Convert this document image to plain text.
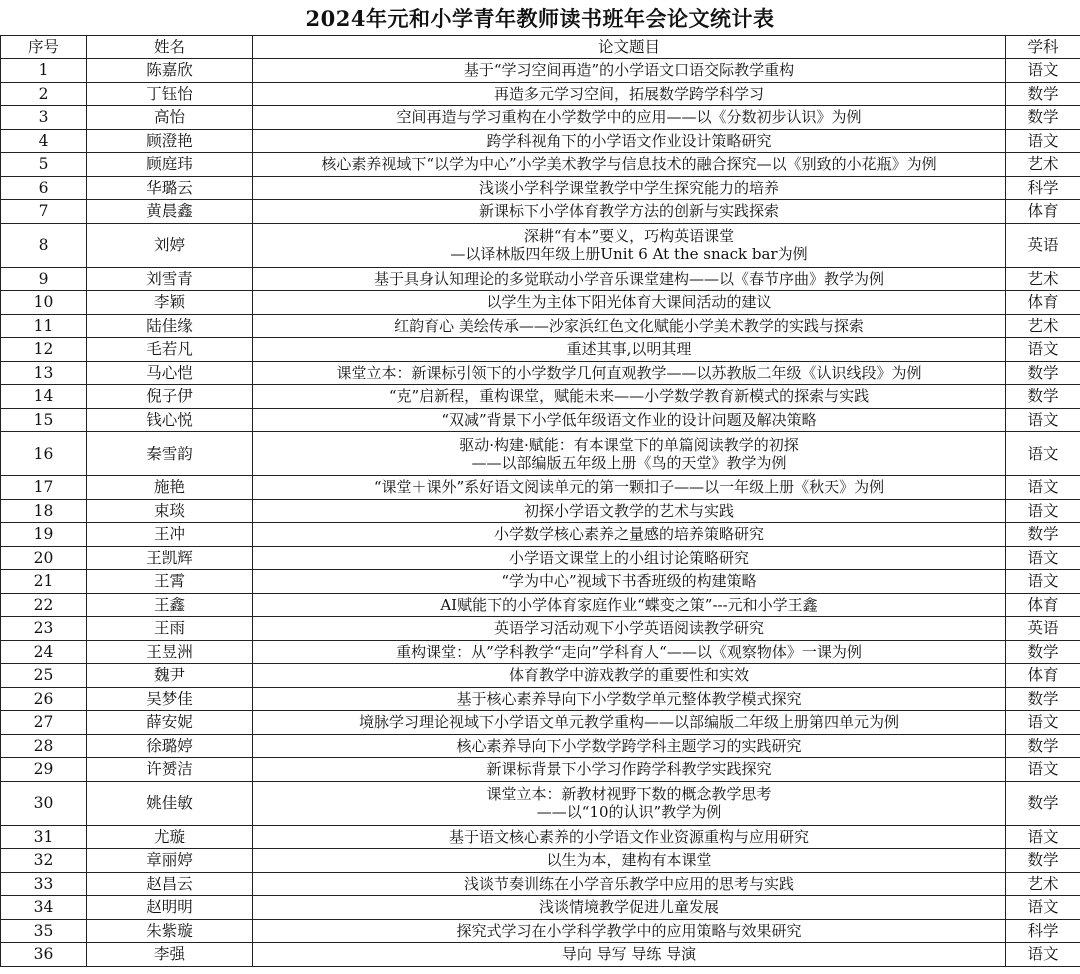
2024年元和小学青年教师读书班年会论文统计表
序号	姓名	论文题目	学科
1	陈嘉欣	基于“学习空间再造”的小学语文口语交际教学重构	语文
2	丁钰怡	再造多元学习空间，拓展数学跨学科学习	数学
3	高怡	空间再造与学习重构在小学数学中的应用——以《分数初步认识》为例	数学
4	顾澄艳	跨学科视角下的小学语文作业设计策略研究	语文
5	顾庭玮	核心素养视域下“以学为中心”小学美术教学与信息技术的融合探究—以《别致的小花瓶》为例	艺术
6	华璐云	浅谈小学科学课堂教学中学生探究能力的培养	科学
7	黄晨鑫	新课标下小学体育教学方法的创新与实践探索	体育
8	刘婷	深耕“有本”要义，巧构英语课堂
—以译林版四年级上册Unit 6 At the snack bar为例	英语
9	刘雪青	基于具身认知理论的多觉联动小学音乐课堂建构——以《春节序曲》教学为例	艺术
10	李颖	以学生为主体下阳光体育大课间活动的建议	体育
11	陆佳缘	红韵育心 美绘传承——沙家浜红色文化赋能小学美术教学的实践与探索	艺术
12	毛若凡	重述其事,以明其理	语文
13	马心恺	课堂立本：新课标引领下的小学数学几何直观教学——以苏教版二年级《认识线段》为例	数学
14	倪子伊	“克”启新程，重构课堂，赋能未来——小学数学教育新模式的探索与实践	数学
15	钱心悦	“双减”背景下小学低年级语文作业的设计问题及解决策略	语文
16	秦雪韵	驱动·构建·赋能：有本课堂下的单篇阅读教学的初探
——以部编版五年级上册《鸟的天堂》教学为例	语文
17	施艳	“课堂＋课外”系好语文阅读单元的第一颗扣子——以一年级上册《秋天》为例	语文
18	束琰	初探小学语文教学的艺术与实践	语文
19	王冲	小学数学核心素养之量感的培养策略研究	数学
20	王凯辉	小学语文课堂上的小组讨论策略研究	语文
21	王霄	“学为中心”视域下书香班级的构建策略	语文
22	王鑫	AI赋能下的小学体育家庭作业“蝶变之策”---元和小学王鑫	体育
23	王雨	英语学习活动观下小学英语阅读教学研究	英语
24	王昱洲	重构课堂：从”学科教学“走向”学科育人“——以《观察物体》一课为例	数学
25	魏尹	体育教学中游戏教学的重要性和实效	体育
26	吴梦佳	基于核心素养导向下小学数学单元整体教学模式探究	数学
27	薛安妮	境脉学习理论视域下小学语文单元教学重构——以部编版二年级上册第四单元为例	语文
28	徐璐婷	核心素养导向下小学数学跨学科主题学习的实践研究	数学
29	许赟洁	新课标背景下小学习作跨学科教学实践探究	语文
30	姚佳敏	课堂立本：新教材视野下数的概念教学思考
——以“10的认识”教学为例	数学
31	尤璇	基于语文核心素养的小学语文作业资源重构与应用研究	语文
32	章丽婷	以生为本，建构有本课堂	数学
33	赵昌云	浅谈节奏训练在小学音乐教学中应用的思考与实践	艺术
34	赵明明	浅谈情境教学促进儿童发展	语文
35	朱紫璇	探究式学习在小学科学教学中的应用策略与效果研究	科学
36	李强	导向 导写 导练 导演	语文
